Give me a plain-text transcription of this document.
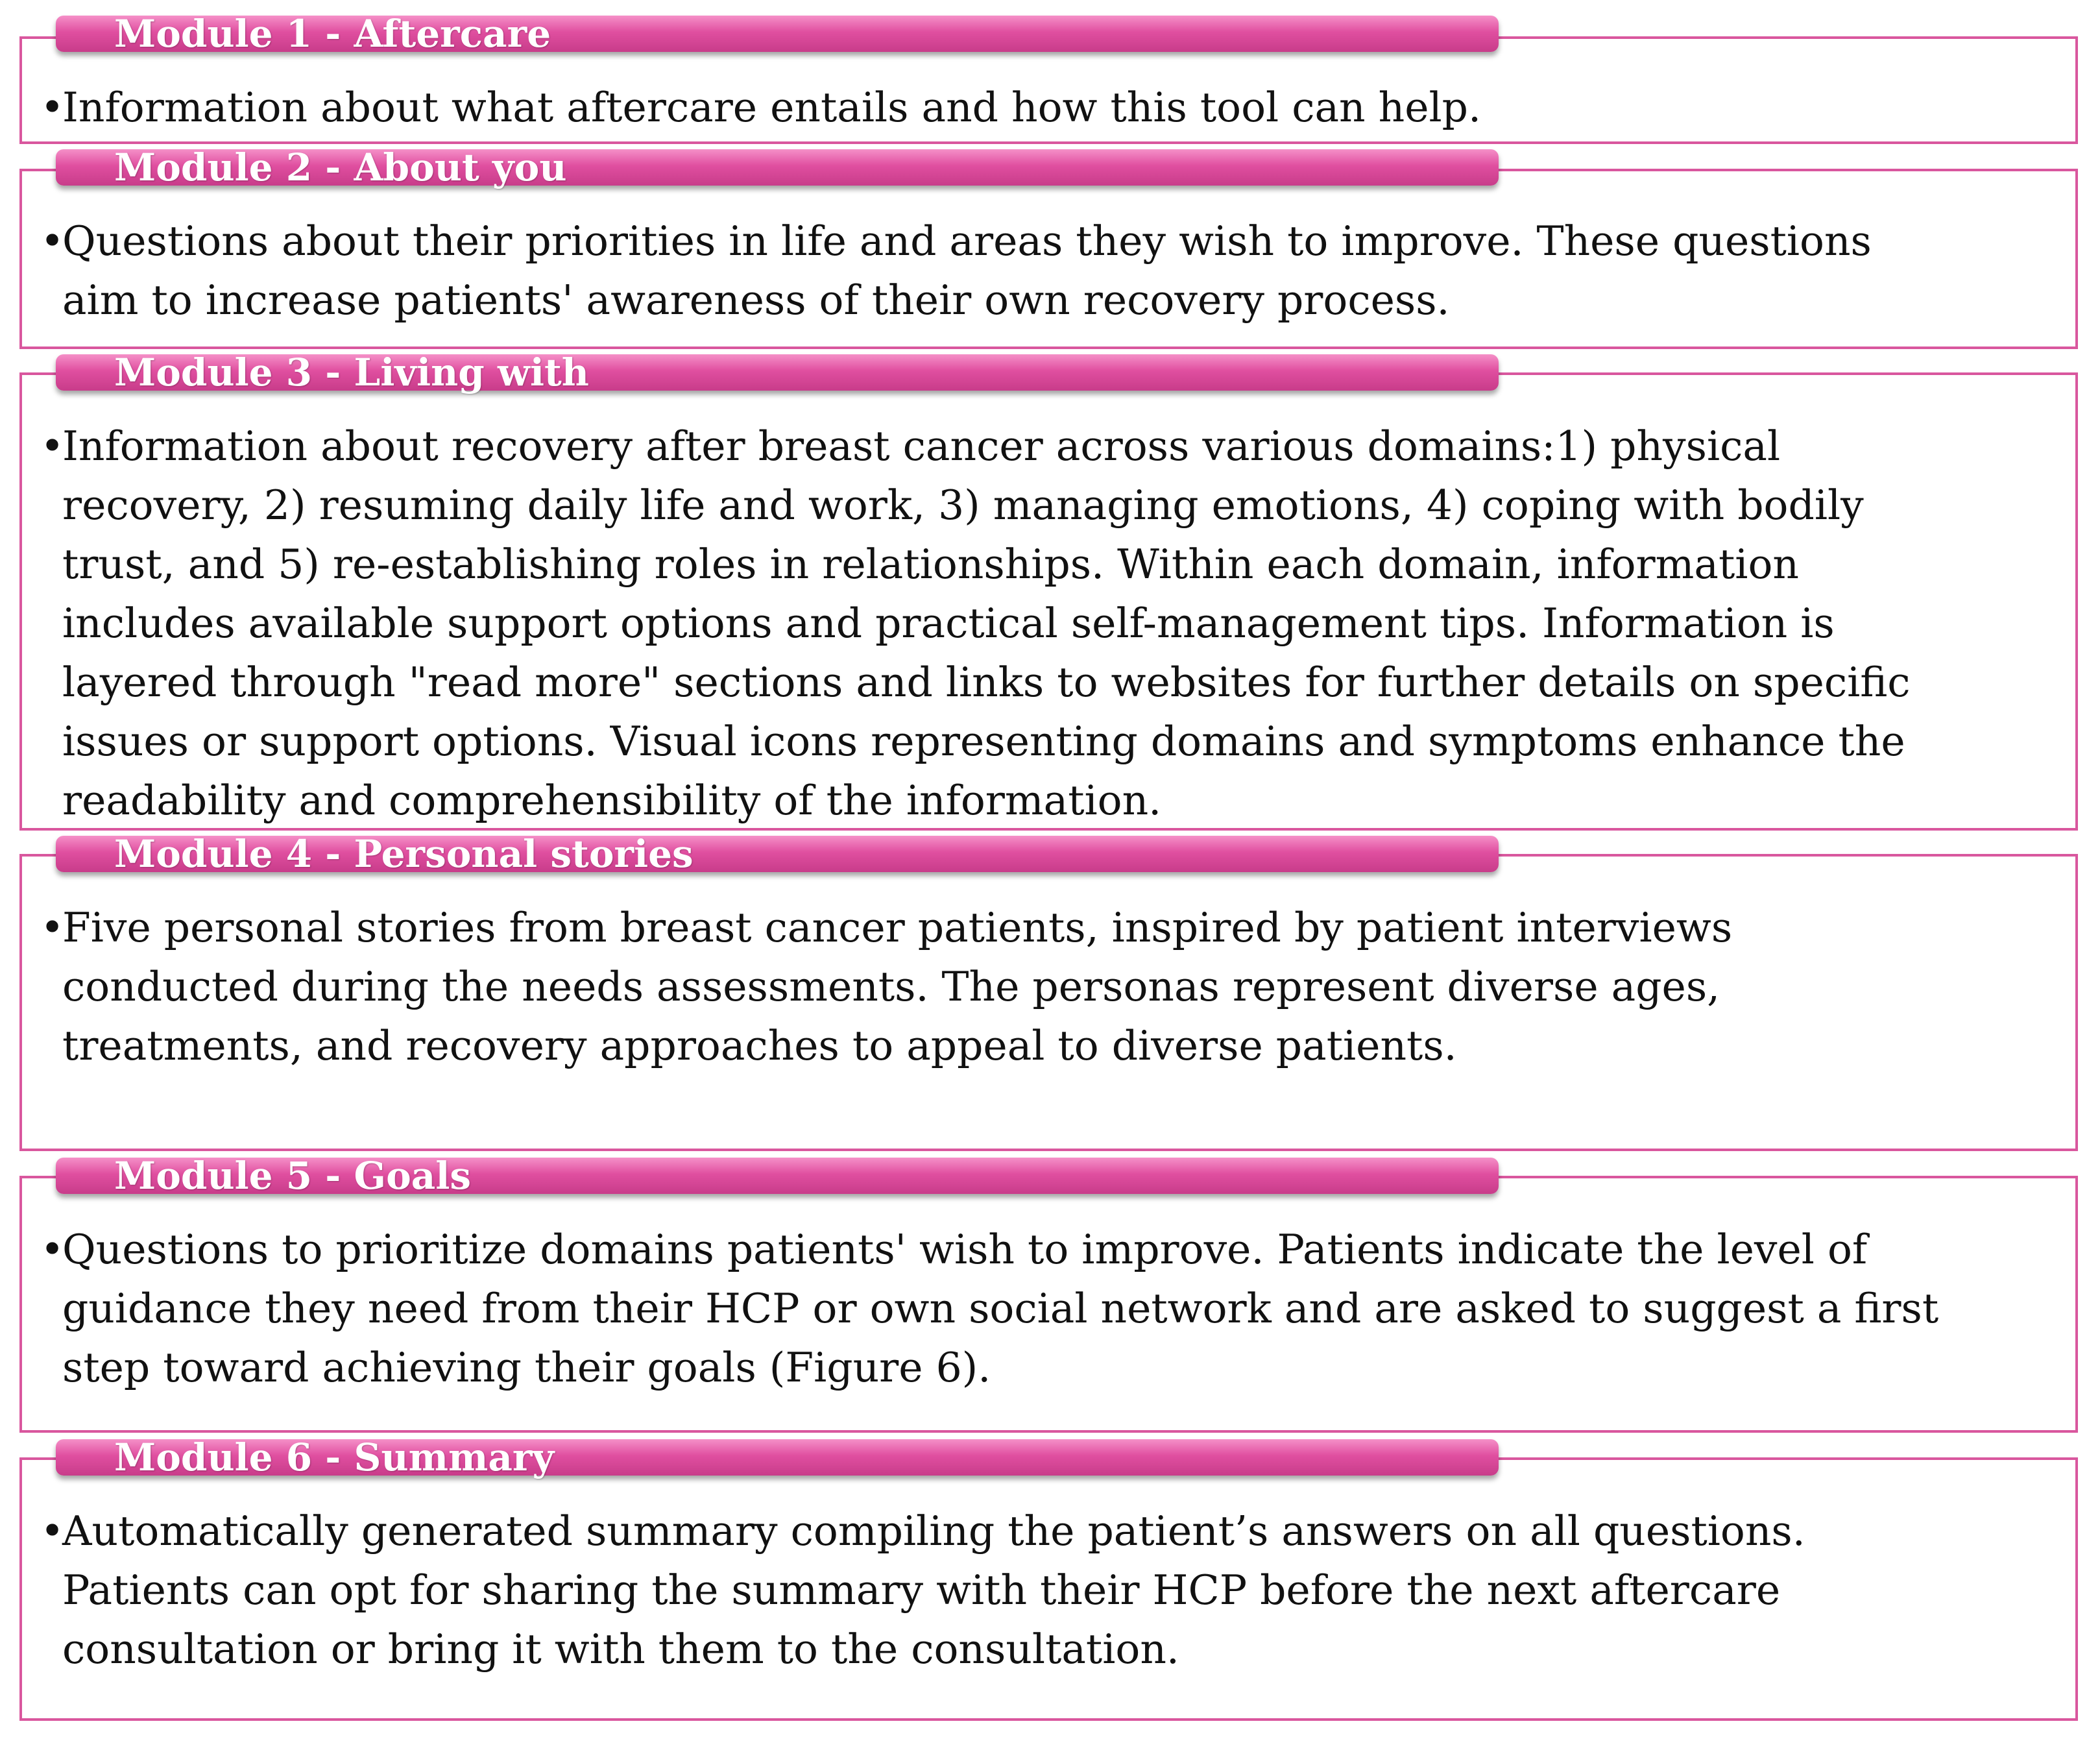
Module 1 - Aftercare

•Information about what aftercare entails and how this tool can help.

Module 2 - About you

•Questions about their priorities in life and areas they wish to improve. These questions
aim to increase patients' awareness of their own recovery process.

Module 3 - Living with

•Information about recovery after breast cancer across various domains:1) physical
recovery, 2) resuming daily life and work, 3) managing emotions, 4) coping with bodily
trust, and 5) re-establishing roles in relationships. Within each domain, information
includes available support options and practical self-management tips. Information is
layered through "read more" sections and links to websites for further details on specific
issues or support options. Visual icons representing domains and symptoms enhance the
readability and comprehensibility of the information.

Module 4 - Personal stories

•Five personal stories from breast cancer patients, inspired by patient interviews
conducted during the needs assessments. The personas represent diverse ages,
treatments, and recovery approaches to appeal to diverse patients.

Module 5 - Goals

•Questions to prioritize domains patients' wish to improve. Patients indicate the level of
guidance they need from their HCP or own social network and are asked to suggest a first
step toward achieving their goals (Figure 6).

Module 6 - Summary

•Automatically generated summary compiling the patient’s answers on all questions.
Patients can opt for sharing the summary with their HCP before the next aftercare
consultation or bring it with them to the consultation.
